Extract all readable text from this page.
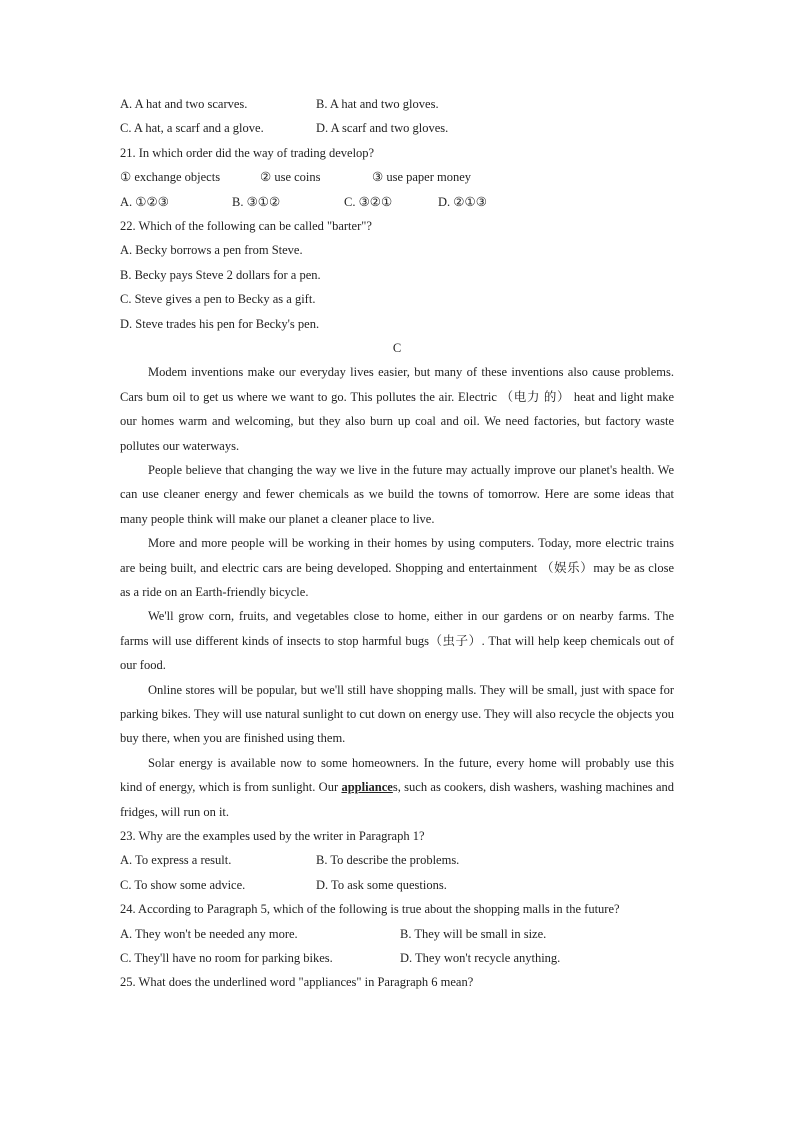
A. A hat and two scarves.	B. A hat and two gloves.
C. A hat, a scarf and a glove.	D. A scarf and two gloves.
21. In which order did the way of trading develop?
① exchange objects	② use coins	③ use paper money
A. ①②③	B. ③①②	C. ③②①	D. ②①③
22. Which of the following can be called "barter"?
A. Becky borrows a pen from Steve.
B. Becky pays Steve 2 dollars for a pen.
C. Steve gives a pen to Becky as a gift.
D. Steve trades his pen for Becky's pen.
C

Modem inventions make our everyday lives easier, but many of these inventions also cause problems. Cars bum oil to get us where we want to go. This pollutes the air. Electric （电力 的） heat and light make our homes warm and welcoming, but they also burn up coal and oil. We need factories, but factory waste pollutes our waterways.

People believe that changing the way we live in the future may actually improve our planet's health. We can use cleaner energy and fewer chemicals as we build the towns of tomorrow. Here are some ideas that many people think will make our planet a cleaner place to live.

More and more people will be working in their homes by using computers. Today, more electric trains are being built, and electric cars are being developed. Shopping and entertainment （娱乐）may be as close as a ride on an Earth-friendly bicycle.

We'll grow corn, fruits, and vegetables close to home, either in our gardens or on nearby farms. The farms will use different kinds of insects to stop harmful bugs（虫子）. That will help keep chemicals out of our food.

Online stores will be popular, but we'll still have shopping malls. They will be small, just with space for parking bikes. They will use natural sunlight to cut down on energy use. They will also recycle the objects you buy there, when you are finished using them.

Solar energy is available now to some homeowners. In the future, every home will probably use this kind of energy, which is from sunlight. Our appliances, such as cookers, dish washers, washing machines and fridges, will run on it.

23. Why are the examples used by the writer in Paragraph 1?
A. To express a result.	B. To describe the problems.
C. To show some advice.	D. To ask some questions.

24. According to Paragraph 5, which of the following is true about the shopping malls in the future?

A. They won't be needed any more.	B. They will be small in size.
C. They'll have no room for parking bikes.	D. They won't recycle anything.
25. What does the underlined word "appliances" in Paragraph 6 mean?
